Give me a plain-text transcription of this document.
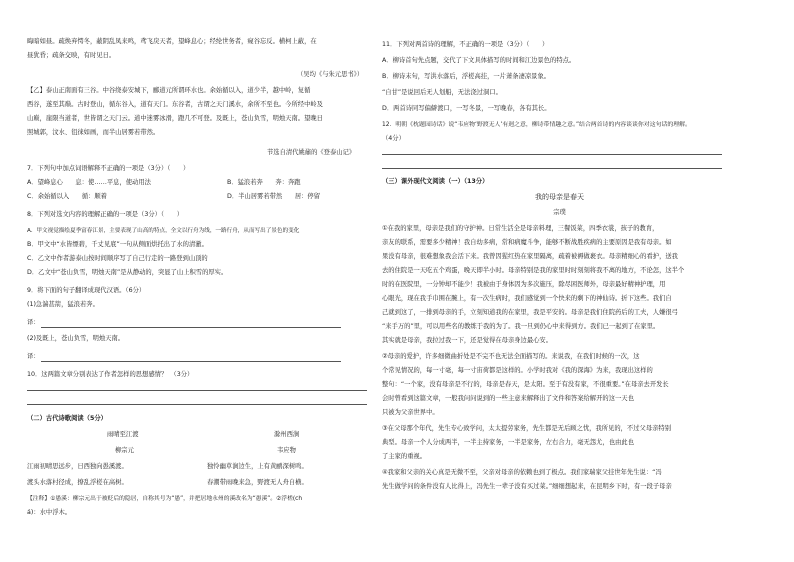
晦暗如昼。疏焕弃愕冬，蔽阴乱凤来鸣，鸢飞戾天者，望峰息心；经纶世务者，窥谷忘反。横柯上蔽，在
昼犹昏；疏条交映，有时见日。
（吴均《与朱元思书》）
【乙】泰山正南面有三谷。中谷绕泰安城下，郦道元所谓环水也。余始循以入，道少半，越中岭，复循
西谷，遂至其巅。古时登山，循东谷入，道有天门。东谷者，古谓之天门溪水，余所不至也。今所经中岭及
山巅，崖限当道者，世皆谓之天门云。道中迷雾冰滑，蹬几不可登。及既上，苍山负雪，明烛天南。望晚日
照城郭，汶水、徂徕如画，而半山居雾若带然。
节选自清代姚鼐的《登泰山记》
7．下列句中加点词语解释不正确的一项是（3分）（　　）
A．望峰息心　　息：使……平息，使动用法	B．猛浪若奔　　奔：奔跑
C．余始循以入　　循：顺着	D．半山居雾若带然　　居：停留
8．下列对选文内容的理解正确的一项是（3分）（　　）
A．甲文视觉描绘夏季富春江景，主要表现了山高的特点，全文以行舟为线，一路行舟，从而写出了景色的变化
B．甲文中“水皆缥碧，千丈见底”一句从侧面烘托出了水的清澈。
C．乙文中作者游泰山按时间顺序写了自己行走的一路登到山顶的
D．乙文中“苍山负雪，明烛天南”是从静动的，突显了山上积雪的厚实。
9．将下面的句子翻译成现代汉语。（6分）
(1)急湍甚箭，猛浪若奔。
译：
(2)及既上，苍山负雪，明烛天南。
译：
10．这两篇文章分别表达了作者怎样的思想感情？　（3分）
（二）古代诗歌阅读（5分）
雨晴至江渡	滁州西涧
柳宗元	韦应物
江雨初晴思远步，日西独向愚溪渡。	独怜幽草涧边生，上有黄鹂深树鸣。
渡头水落村径成，撩乱浮槎在高树。	春潮带雨晚来急，野渡无人舟自横。
【注释】①愚溪：柳宗元出于被贬后的隐居，自称其号为“愚”，并把居地永州的溪改名为“愚溪”。②浮槎(ch
á)：水中浮木。
11．下列对两首诗的理解，不正确的一项是（3分）（　　）
A．柳诗首句先点题，交代了下文具体描写的时间和江边景色的特点。
B．柳诗末句，写洪水落后，浮槎高挂，一片萧条凄凉景象。
“自甘”是说回后无人划船，无法浇过洞口。
D．两首诗同写偏僻渡口，一写冬景，一写晚春，各有其长。
12．明朝《枕题园诗话》说“韦应物‘野渡无人’有迥之意，柳诗带情趣之意。”结合两首诗的内容谈谈你对这句话的理解。
（4分）
（三）课外现代文阅读（一）（13分）
我的母亲是春天
宗璞
①在我的家里，母亲是我们的守护神。日常生活全是母亲料理，三餐饭菜，四季衣裳，孩子的教育，
亲友的联系，需要多少精神！我自幼多病，常和病魔斗争，能够不断战胜疾病的主要原因是我有母亲。如
果没有母亲，很难想象我会活下来。我曾因猩红热在家里隔离，疏着被褥做裹衣。母亲精细心的看护，送我
去的住院是一天吃五个鸡蛋，晚天即半小时。母亲特别是我的家里时时刻刻将我不离的地方，不论怎，这半个
时的在医院里，一分钟却不能少！我被由于身体因为多次施压，除尽困医师外，母亲最好精神护理，用
心眼光，现在我手巾围在腕上，有一次生病时，我们感觉到一个快来的剩下的神仙诗。折下这些。我们自
己就到这了，一排到母亲的手，立刻知道我的在家里，我是平安的。母亲是我们住院药后的工夫，人嫌很弓
“来手万的”里，可以用些名的教练于我的为了。我一旦到仍心中来得到方。我们已一起到了在家里。
其实就是母亲，我拉过我一下，还是觉得在母亲身边最心安。
②母亲的爱护，许多细微曲折处是不完不也无法全面描写的。来说我，在我们时候的一次，这
个常见情况的，每一寸毫，每一寸宙荷都是这样的。小学时我对《我的深海》为来，我现出这样的
整句：“一个家，没有母亲是不行的，母亲是春天，是太阳。至于有没有家，不很重要。”在母亲去开发长
会时曾看到这篇文章，一般我问问说到的一些主意来解释出了文件和答案给解开的这一天也
只被为父亲世界中。
③在父母那个年代，先生专心致学问，太太提劳家务，先生都是无后顾之忧，我所见的，不过父母亲特别
典型。母亲一个人分成两半，一半主持家务，一半是家务，左右合力，毫无怨尤，也由此也
了主家的重视。
④我家和父亲的关心真是无微不至，父亲对母亲的依赖也到了极点。我们家瑞家父挂世年先生说：“冯
先生做学问的条件没有人比得上，冯先生一辈子没有买过菜。”细细想起来，在昆明乡下时，有一段子母亲
